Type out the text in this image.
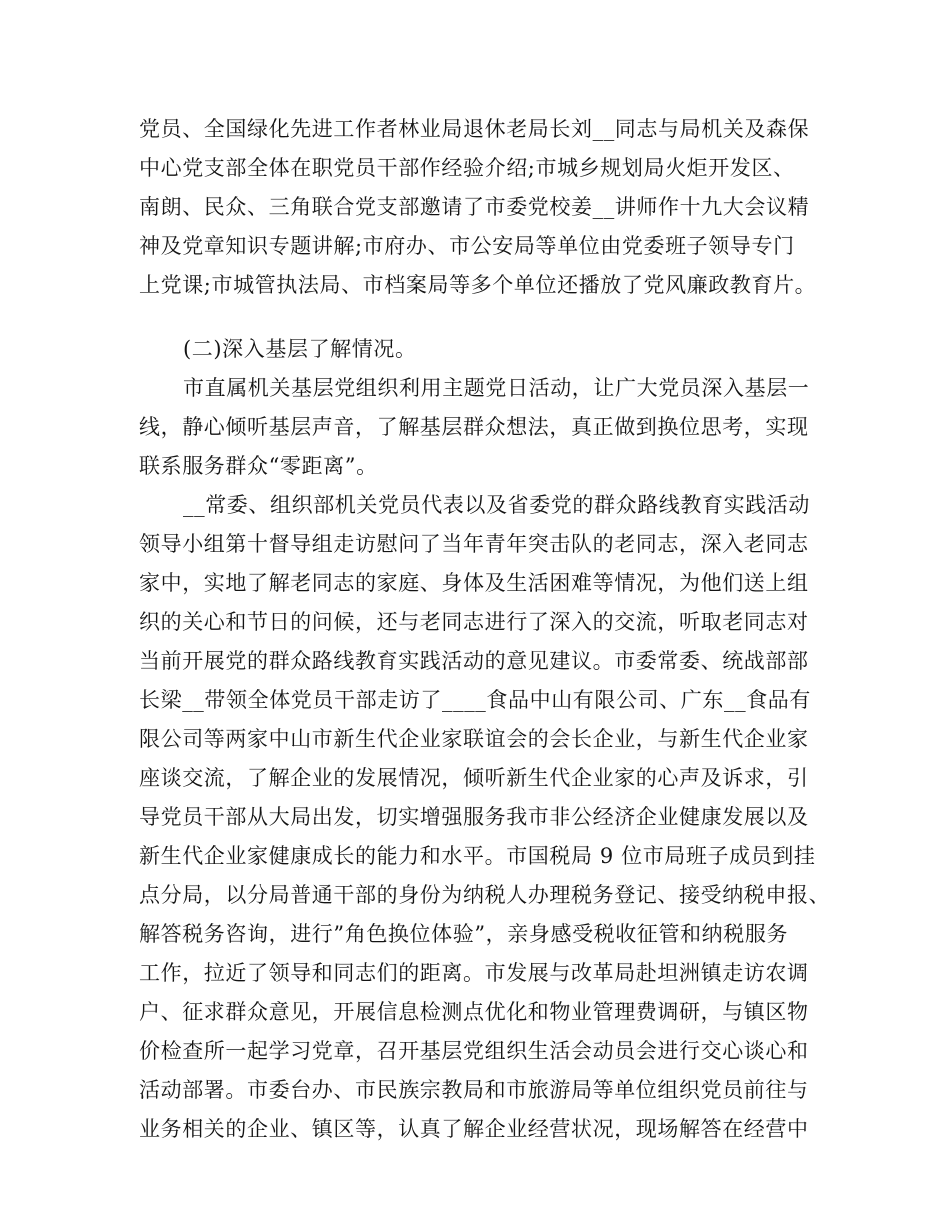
党员、全国绿化先进工作者林业局退休老局长刘__同志与局机关及森保
中心党支部全体在职党员干部作经验介绍;市城乡规划局火炬开发区、
南朗、民众、三角联合党支部邀请了市委党校姜__讲师作十九大会议精
神及党章知识专题讲解;市府办、市公安局等单位由党委班子领导专门
上党课;市城管执法局、市档案局等多个单位还播放了党风廉政教育片。
(二)深入基层了解情况。
市直属机关基层党组织利用主题党日活动，让广大党员深入基层一
线，静心倾听基层声音，了解基层群众想法，真正做到换位思考，实现
联系服务群众“零距离”。
__常委、组织部机关党员代表以及省委党的群众路线教育实践活动
领导小组第十督导组走访慰问了当年青年突击队的老同志，深入老同志
家中，实地了解老同志的家庭、身体及生活困难等情况，为他们送上组
织的关心和节日的问候，还与老同志进行了深入的交流，听取老同志对
当前开展党的群众路线教育实践活动的意见建议。市委常委、统战部部
长梁__带领全体党员干部走访了____食品中山有限公司、广东__食品有
限公司等两家中山市新生代企业家联谊会的会长企业，与新生代企业家
座谈交流，了解企业的发展情况，倾听新生代企业家的心声及诉求，引
导党员干部从大局出发，切实增强服务我市非公经济企业健康发展以及
新生代企业家健康成长的能力和水平。市国税局 9 位市局班子成员到挂
点分局，以分局普通干部的身份为纳税人办理税务登记、接受纳税申报、
解答税务咨询，进行”角色换位体验”，亲身感受税收征管和纳税服务
工作，拉近了领导和同志们的距离。市发展与改革局赴坦洲镇走访农调
户、征求群众意见，开展信息检测点优化和物业管理费调研，与镇区物
价检查所一起学习党章，召开基层党组织生活会动员会进行交心谈心和
活动部署。市委台办、市民族宗教局和市旅游局等单位组织党员前往与
业务相关的企业、镇区等，认真了解企业经营状况，现场解答在经营中
